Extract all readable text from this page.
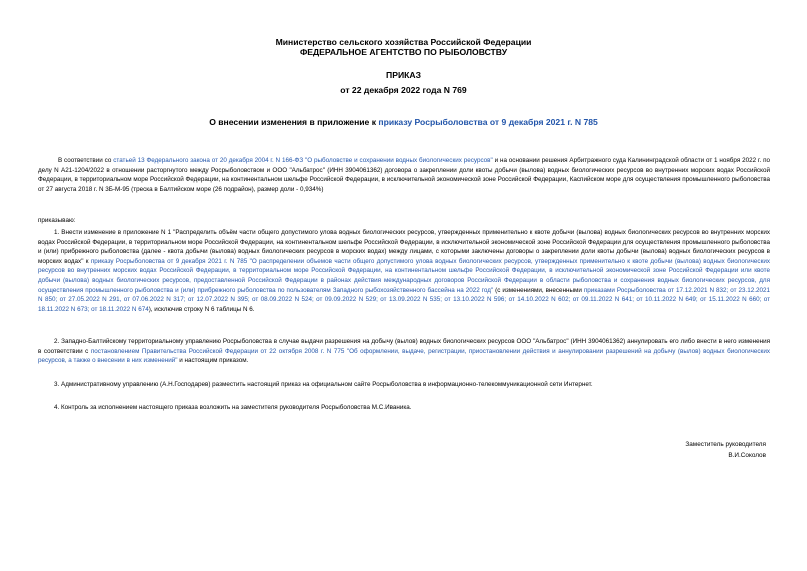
Министерство сельского хозяйства Российской Федерации
ФЕДЕРАЛЬНОЕ АГЕНТСТВО ПО РЫБОЛОВСТВУ
ПРИКАЗ
от 22 декабря 2022 года N 769
О внесении изменения в приложение к приказу Росрыболовства от 9 декабря 2021 г. N 785
В соответствии со статьей 13 Федерального закона от 20 декабря 2004 г. N 166-ФЗ "О рыболовстве и сохранении водных биологических ресурсов" и на основании решения Арбитражного суда Калининградской области от 1 ноября 2022 г. по делу N А21-1204/2022 в отношении расторгнутого между Росрыболовством и ООО "Альбатрос" (ИНН 3904061362) договора о закреплении доли квоты добычи (вылова) водных биологических ресурсов во внутренних морских водах Российской Федерации, в территориальном море Российской Федерации, на континентальном шельфе Российской Федерации, в исключительной экономической зоне Российской Федерации, Каспийском море для осуществления промышленного рыболовства от 27 августа 2018 г. N 3Б-М-95 (треска в Балтийском море (26 подрайон), размер доли - 0,934%)
приказываю:
1. Внести изменение в приложение N 1 "Распределить объём части общего допустимого улова водных биологических ресурсов, утвержденных применительно к квоте добычи (вылова) водных биологических ресурсов во внутренних морских водах Российской Федерации, в территориальном море Российской Федерации, на континентальном шельфе Российской Федерации, в исключительной экономической зоне Российской Федерации для осуществления промышленного рыболовства и (или) прибрежного рыболовства (далее - квота добычи (вылова) водных биологических ресурсов в морских водах) между лицами, с которыми заключены договоры о закреплении доли квоты добычи (вылова) водных биологических ресурсов в морских водах" к приказу Росрыболовства от 9 декабря 2021 г. N 785 "О распределении объемов части общего допустимого улова водных биологических ресурсов, утвержденных применительно к квоте добычи (вылова) водных биологических ресурсов во внутренних морских водах Российской Федерации, в территориальном море Российской Федерации, на континентальном шельфе Российской Федерации, в исключительной экономической зоне Российской Федерации или квоте добычи (вылова) водных биологических ресурсов, предоставленной Российской Федерации в районах действия международных договоров Российской Федерации в области рыболовства и сохранения водных биологических ресурсов, для осуществления промышленного рыболовства и (или) прибрежного рыболовства по пользователям Западного рыбохозяйственного бассейна на 2022 год" (с изменениями, внесенными приказами Росрыболовства от 17.12.2021 N 832; от 23.12.2021 N 850; от 27.05.2022 N 291, от 07.06.2022 N 317; от 12.07.2022 N 395; от 08.09.2022 N 524; от 09.09.2022 N 529; от 13.09.2022 N 535; от 13.10.2022 N 596; от 14.10.2022 N 602; от 09.11.2022 N 641; от 10.11.2022 N 649; от 15.11.2022 N 660; от 18.11.2022 N 673; от 18.11.2022 N 674), исключив строку N 6 таблицы N 6.
2. Западно-Балтийскому территориальному управлению Росрыболовства в случае выдачи разрешения на добычу (вылов) водных биологических ресурсов ООО "Альбатрос" (ИНН 3904061362) аннулировать его либо внести в него изменения в соответствии с постановлением Правительства Российской Федерации от 22 октября 2008 г. N 775 "Об оформлении, выдаче, регистрации, приостановлении действия и аннулировании разрешений на добычу (вылов) водных биологических ресурсов, а также о внесении в них изменений" и настоящим приказом.
3. Административному управлению (А.Н.Господарев) разместить настоящий приказ на официальном сайте Росрыболовства в информационно-телекоммуникационной сети Интернет.
4. Контроль за исполнением настоящего приказа возложить на заместителя руководителя Росрыболовства М.С.Иваника.
Заместитель руководителя
В.И.Соколов
